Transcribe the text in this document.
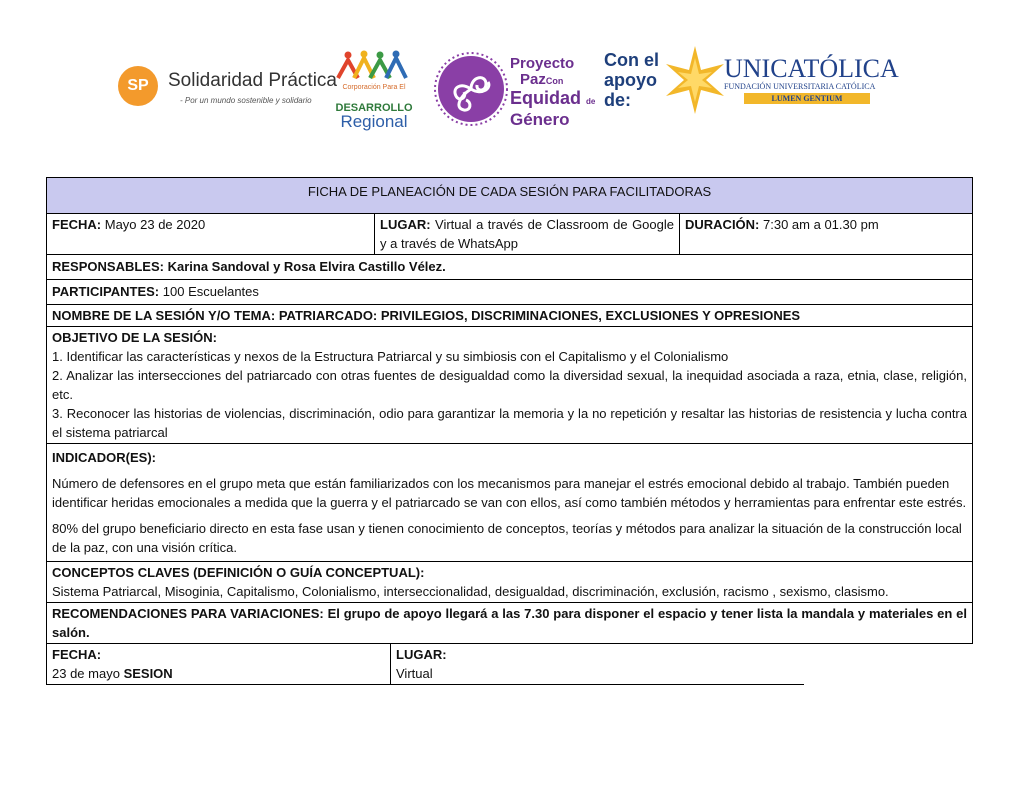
SP	Solidaridad Práctica
- Por un mundo sostenible y solidario
Corporación Para El
DESARROLLO
Regional
Proyecto
PazCon
Equidad de
Género
Con el
apoyo
de:
UNICATÓLICA
FUNDACIÓN UNIVERSITARIA CATÓLICA
LUMEN GENTIUM
FICHA DE PLANEACIÓN DE CADA SESIÓN PARA FACILITADORAS
FECHA: Mayo 23 de 2020	LUGAR: Virtual a través de Classroom de Google y a través de WhatsApp
DURACIÓN: 7:30 am a 01.30 pm
RESPONSABLES: Karina Sandoval y Rosa Elvira Castillo Vélez.
PARTICIPANTES: 100 Escuelantes
NOMBRE DE LA SESIÓN Y/O TEMA: PATRIARCADO: PRIVILEGIOS, DISCRIMINACIONES, EXCLUSIONES Y OPRESIONES
OBJETIVO DE LA SESIÓN:
1. Identificar las características y nexos de la Estructura Patriarcal y su simbiosis con el Capitalismo y el Colonialismo
2. Analizar las intersecciones del patriarcado con otras fuentes de desigualdad como la diversidad sexual, la inequidad asociada a raza, etnia, clase, religión, etc.
3. Reconocer las historias de violencias, discriminación, odio para garantizar la memoria y la no repetición y resaltar las historias de resistencia y lucha contra el sistema patriarcal

INDICADOR(ES):

Número de defensores en el grupo meta que están familiarizados con los mecanismos para manejar el estrés emocional debido al trabajo. También pueden identificar heridas emocionales a medida que la guerra y el patriarcado se van con ellos, así como también métodos y herramientas para enfrentar este estrés.

80% del grupo beneficiario directo en esta fase usan y tienen conocimiento de conceptos, teorías y métodos para analizar la situación de la construcción local de la paz, con una visión crítica.

CONCEPTOS CLAVES (DEFINICIÓN O GUÍA CONCEPTUAL):
Sistema Patriarcal, Misoginia, Capitalismo, Colonialismo, interseccionalidad, desigualdad, discriminación, exclusión, racismo , sexismo, clasismo.
RECOMENDACIONES PARA VARIACIONES: El grupo de apoyo llegará a las 7.30 para disponer el espacio y tener lista la mandala y materiales en el salón.
FECHA:
23 de mayo SESION
LUGAR:
Virtual
